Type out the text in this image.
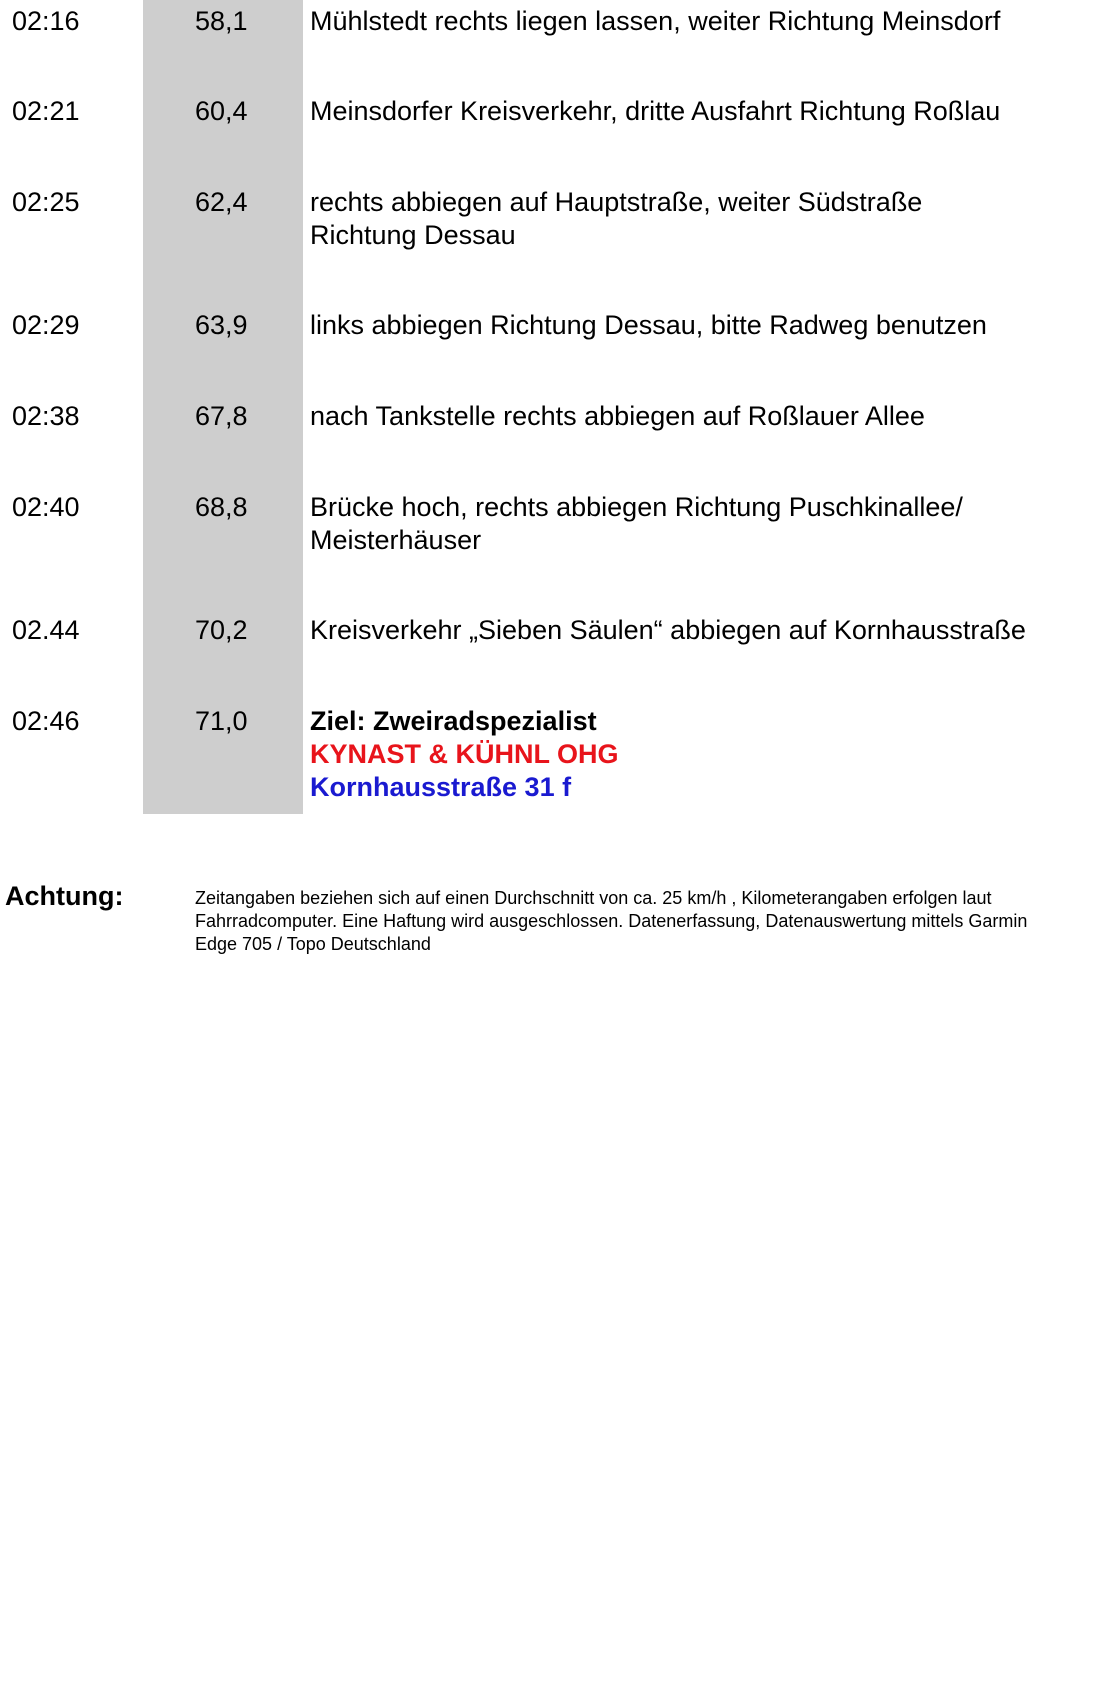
02:16	58,1 Mühlstedt rechts liegen lassen, weiter Richtung Meinsdorf
02:21	60,4 Meinsdorfer Kreisverkehr, dritte Ausfahrt Richtung Roßlau
02:25	62,4 rechts abbiegen auf Hauptstraße, weiter Südstraße
Richtung Dessau
02:29	63,9 links abbiegen Richtung Dessau, bitte Radweg benutzen
02:38	67,8 nach Tankstelle rechts abbiegen auf Roßlauer Allee
02:40	68,8 Brücke hoch, rechts abbiegen Richtung Puschkinallee/
Meisterhäuser
02.44	70,2 Kreisverkehr „Sieben Säulen“ abbiegen auf Kornhausstraße
02:46	71,0 Ziel: Zweiradspezialist
KYNAST & KÜHNL OHG
Kornhausstraße 31 f
Achtung:	Zeitangaben beziehen sich auf einen Durchschnitt von ca. 25 km/h , Kilometerangaben erfolgen laut
Fahrradcomputer. Eine Haftung wird ausgeschlossen. Datenerfassung, Datenauswertung mittels Garmin
Edge 705 / Topo Deutschland
